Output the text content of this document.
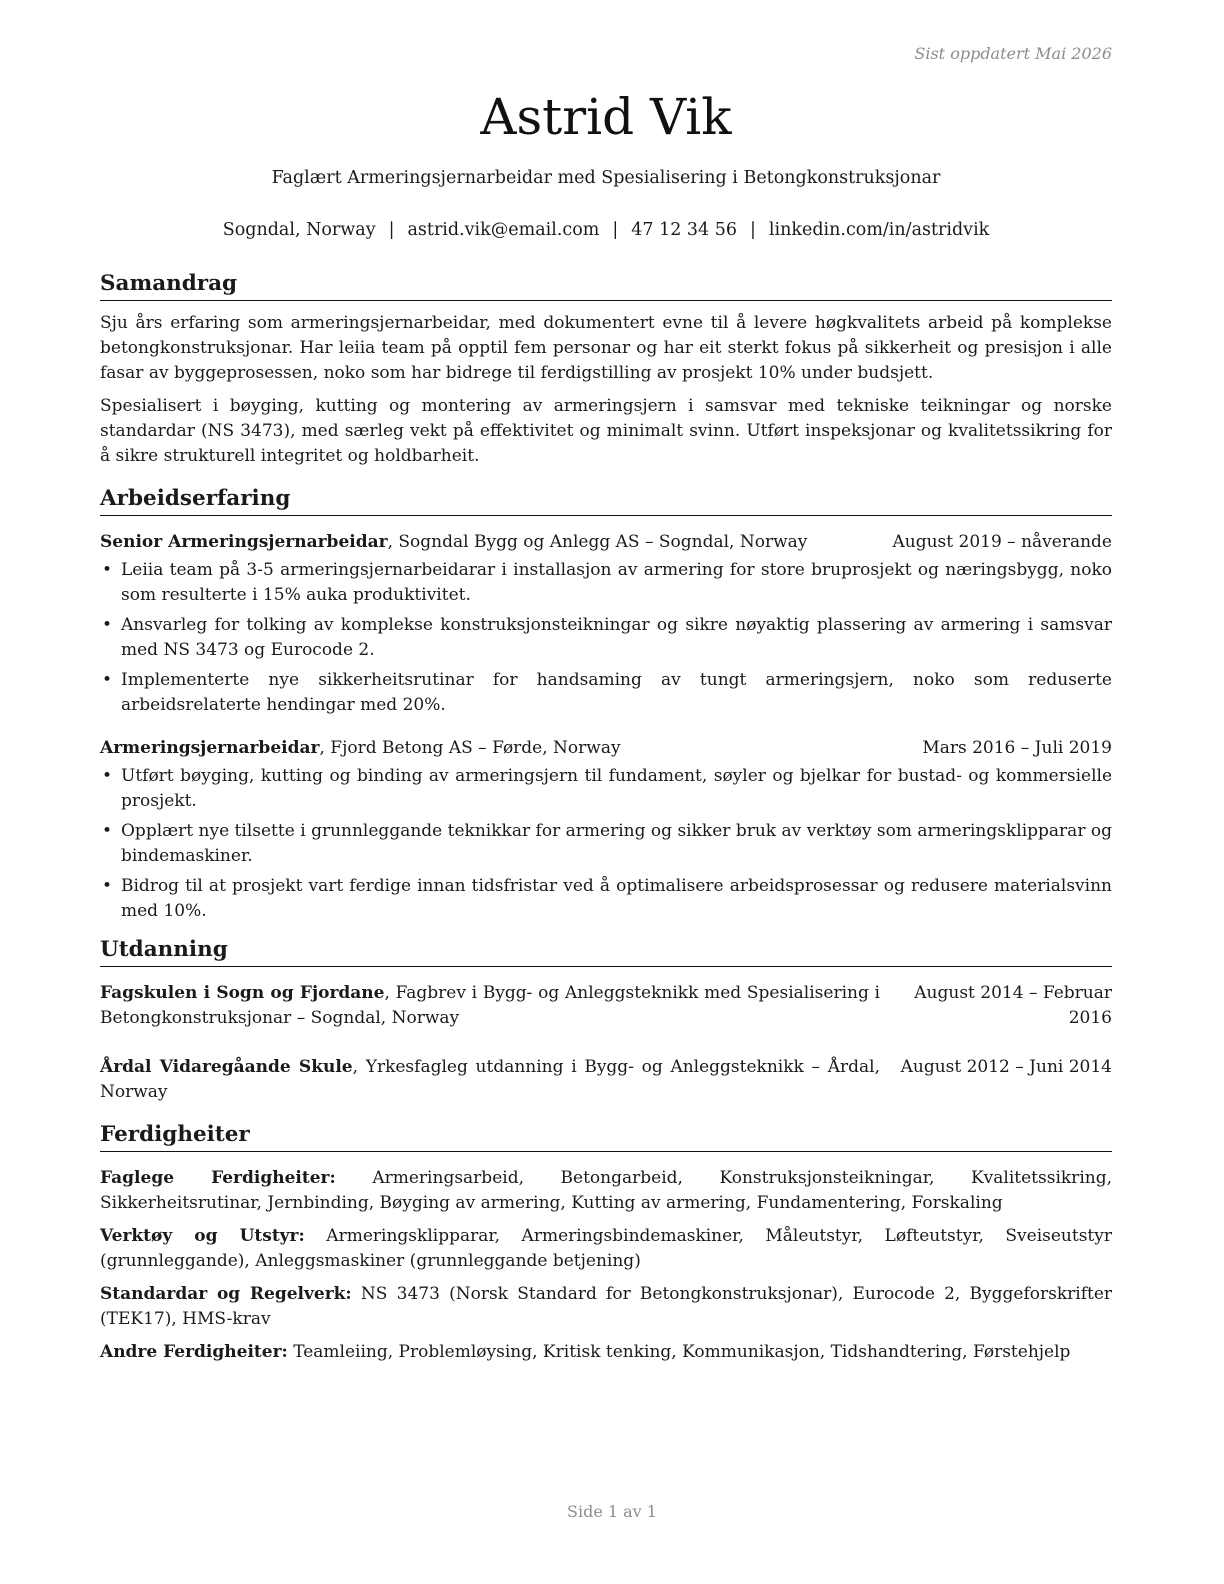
Sist oppdatert Mai 2026
Astrid Vik
Faglært Armeringsjernarbeidar med Spesialisering i Betongkonstruksjonar
Sogndal, Norway | astrid.vik@email.com | 47 12 34 56 | linkedin.com/in/astridvik
Samandrag

Sju års erfaring som armeringsjernarbeidar, med dokumentert evne til å levere høgkvalitets arbeid på komplekse betongkonstruksjonar. Har leiia team på opptil fem personar og har eit sterkt fokus på sikkerheit og presisjon i alle fasar av byggeprosessen, noko som har bidrege til ferdigstilling av prosjekt 10% under budsjett.

Spesialisert i bøyging, kutting og montering av armeringsjern i samsvar med tekniske teikningar og norske standardar (NS 3473), med særleg vekt på effektivitet og minimalt svinn. Utført inspeksjonar og kvalitetssikring for å sikre strukturell integritet og holdbarheit.

Arbeidserfaring
Senior Armeringsjernarbeidar, Sogndal Bygg og Anlegg AS – Sogndal, Norway	August 2019 – nåverande
• Leiia team på 3-5 armeringsjernarbeidarar i installasjon av armering for store bruprosjekt og næringsbygg, noko som resulterte i 15% auka produktivitet.
• Ansvarleg for tolking av komplekse konstruksjonsteikningar og sikre nøyaktig plassering av armering i samsvar med NS 3473 og Eurocode 2.
• Implementerte nye sikkerheitsrutinar for handsaming av tungt armeringsjern, noko som reduserte arbeidsrelaterte hendingar med 20%.
Armeringsjernarbeidar, Fjord Betong AS – Førde, Norway	Mars 2016 – Juli 2019
• Utført bøyging, kutting og binding av armeringsjern til fundament, søyler og bjelkar for bustad- og kommersielle prosjekt.
• Opplært nye tilsette i grunnleggande teknikkar for armering og sikker bruk av verktøy som armeringsklipparar og bindemaskiner.
• Bidrog til at prosjekt vart ferdige innan tidsfristar ved å optimalisere arbeidsprosessar og redusere materialsvinn med 10%.
Utdanning
Fagskulen i Sogn og Fjordane, Fagbrev i Bygg- og Anleggsteknikk med Spesialisering i Betongkonstruksjonar – Sogndal, Norway
August 2014 – Februar
2016
Årdal Vidaregåande Skule, Yrkesfagleg utdanning i Bygg- og Anleggsteknikk – Årdal, Norway
August 2012 – Juni 2014
Ferdigheiter
Faglege Ferdigheiter: Armeringsarbeid, Betongarbeid, Konstruksjonsteikningar, Kvalitetssikring, Sikkerheitsrutinar, Jernbinding, Bøyging av armering, Kutting av armering, Fundamentering, Forskaling
Verktøy og Utstyr: Armeringsklipparar, Armeringsbindemaskiner, Måleutstyr, Løfteutstyr, Sveiseutstyr (grunnleggande), Anleggsmaskiner (grunnleggande betjening)
Standardar og Regelverk: NS 3473 (Norsk Standard for Betongkonstruksjonar), Eurocode 2, Byggeforskrifter (TEK17), HMS-krav
Andre Ferdigheiter: Teamleiing, Problemløysing, Kritisk tenking, Kommunikasjon, Tidshandtering, Førstehjelp
Side 1 av 1
